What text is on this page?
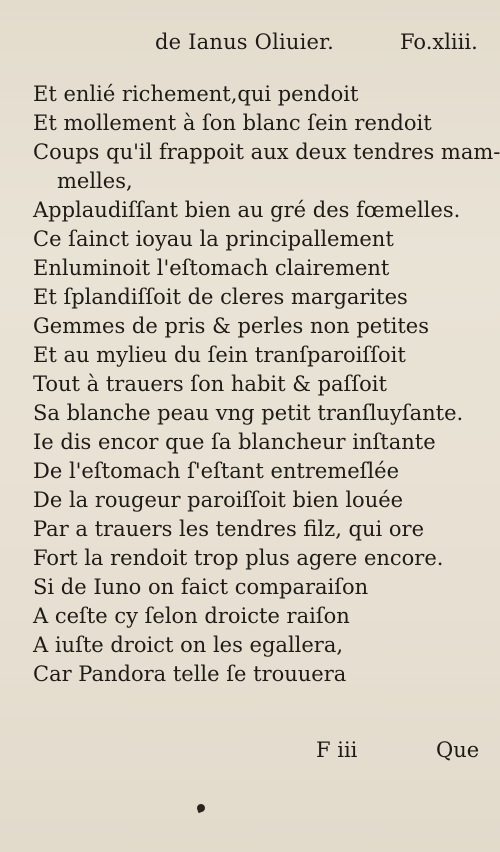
de Ianus Oliuier.	Fo.xliii.
Et enlié richement,qui pendoit
Et mollement à ſon blanc ſein rendoit
Coups qu'il frappoit aux deux tendres mam-
melles,
Applaudiſſant bien au gré des fœmelles.
Ce ſainct ioyau la principallement
Enluminoit l'eſtomach clairement
Et ſplandiſſoit de cleres margarites
Gemmes de pris & perles non petites
Et au mylieu du ſein tranſparoiſſoit
Tout à trauers ſon habit & paſſoit
Sa blanche peau vng petit tranſluyſante.
Ie dis encor que ſa blancheur inſtante
De l'eſtomach ſ'eſtant entremeſlée
De la rougeur paroiſſoit bien louée
Par a trauers les tendres filz, qui ore
Fort la rendoit trop plus agere encore.
Si de Iuno on faict comparaiſon
A ceſte cy ſelon droicte raiſon
A iuſte droict on les egallera,
Car Pandora telle ſe trouuera
F iii	Que
